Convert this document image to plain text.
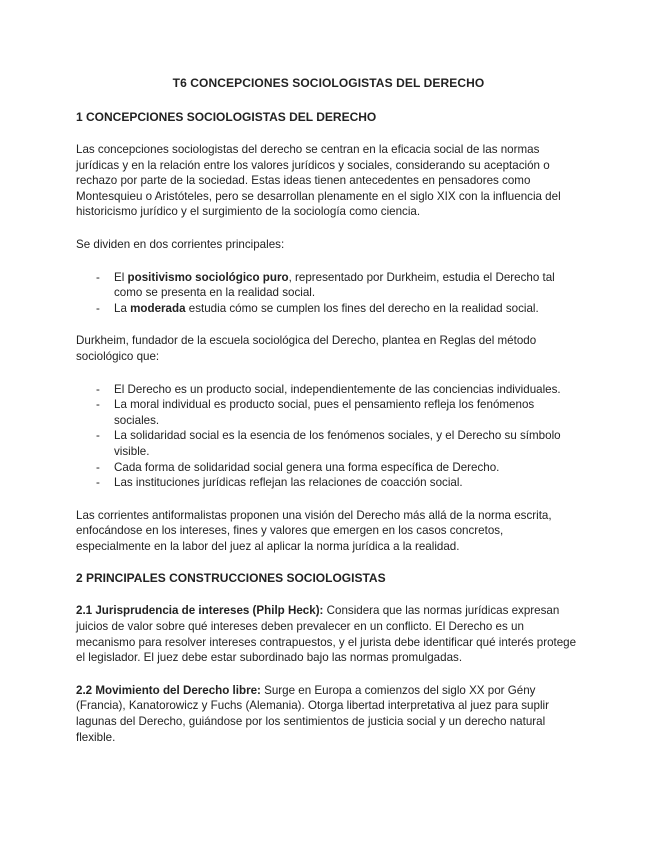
T6 CONCEPCIONES SOCIOLOGISTAS DEL DERECHO
1 CONCEPCIONES SOCIOLOGISTAS DEL DERECHO

Las concepciones sociologistas del derecho se centran en la eficacia social de las normas jurídicas y en la relación entre los valores jurídicos y sociales, considerando su aceptación o rechazo por parte de la sociedad. Estas ideas tienen antecedentes en pensadores como Montesquieu o Aristóteles, pero se desarrollan plenamente en el siglo XIX con la influencia del historicismo jurídico y el surgimiento de la sociología como ciencia.

Se dividen en dos corrientes principales:

- El positivismo sociológico puro, representado por Durkheim, estudia el Derecho tal como se presenta en la realidad social.
- La moderada estudia cómo se cumplen los fines del derecho en la realidad social.

Durkheim, fundador de la escuela sociológica del Derecho, plantea en Reglas del método sociológico que:

- El Derecho es un producto social, independientemente de las conciencias individuales.
- La moral individual es producto social, pues el pensamiento refleja los fenómenos sociales.
- La solidaridad social es la esencia de los fenómenos sociales, y el Derecho su símbolo visible.
- Cada forma de solidaridad social genera una forma específica de Derecho.
- Las instituciones jurídicas reflejan las relaciones de coacción social.

Las corrientes antiformalistas proponen una visión del Derecho más allá de la norma escrita, enfocándose en los intereses, fines y valores que emergen en los casos concretos, especialmente en la labor del juez al aplicar la norma jurídica a la realidad.

2 PRINCIPALES CONSTRUCCIONES SOCIOLOGISTAS

2.1 Jurisprudencia de intereses (Philp Heck): Considera que las normas jurídicas expresan juicios de valor sobre qué intereses deben prevalecer en un conflicto. El Derecho es un mecanismo para resolver intereses contrapuestos, y el jurista debe identificar qué interés protege el legislador. El juez debe estar subordinado bajo las normas promulgadas.

2.2 Movimiento del Derecho libre: Surge en Europa a comienzos del siglo XX por Gény (Francia), Kanatorowicz y Fuchs (Alemania). Otorga libertad interpretativa al juez para suplir lagunas del Derecho, guiándose por los sentimientos de justicia social y un derecho natural flexible.
